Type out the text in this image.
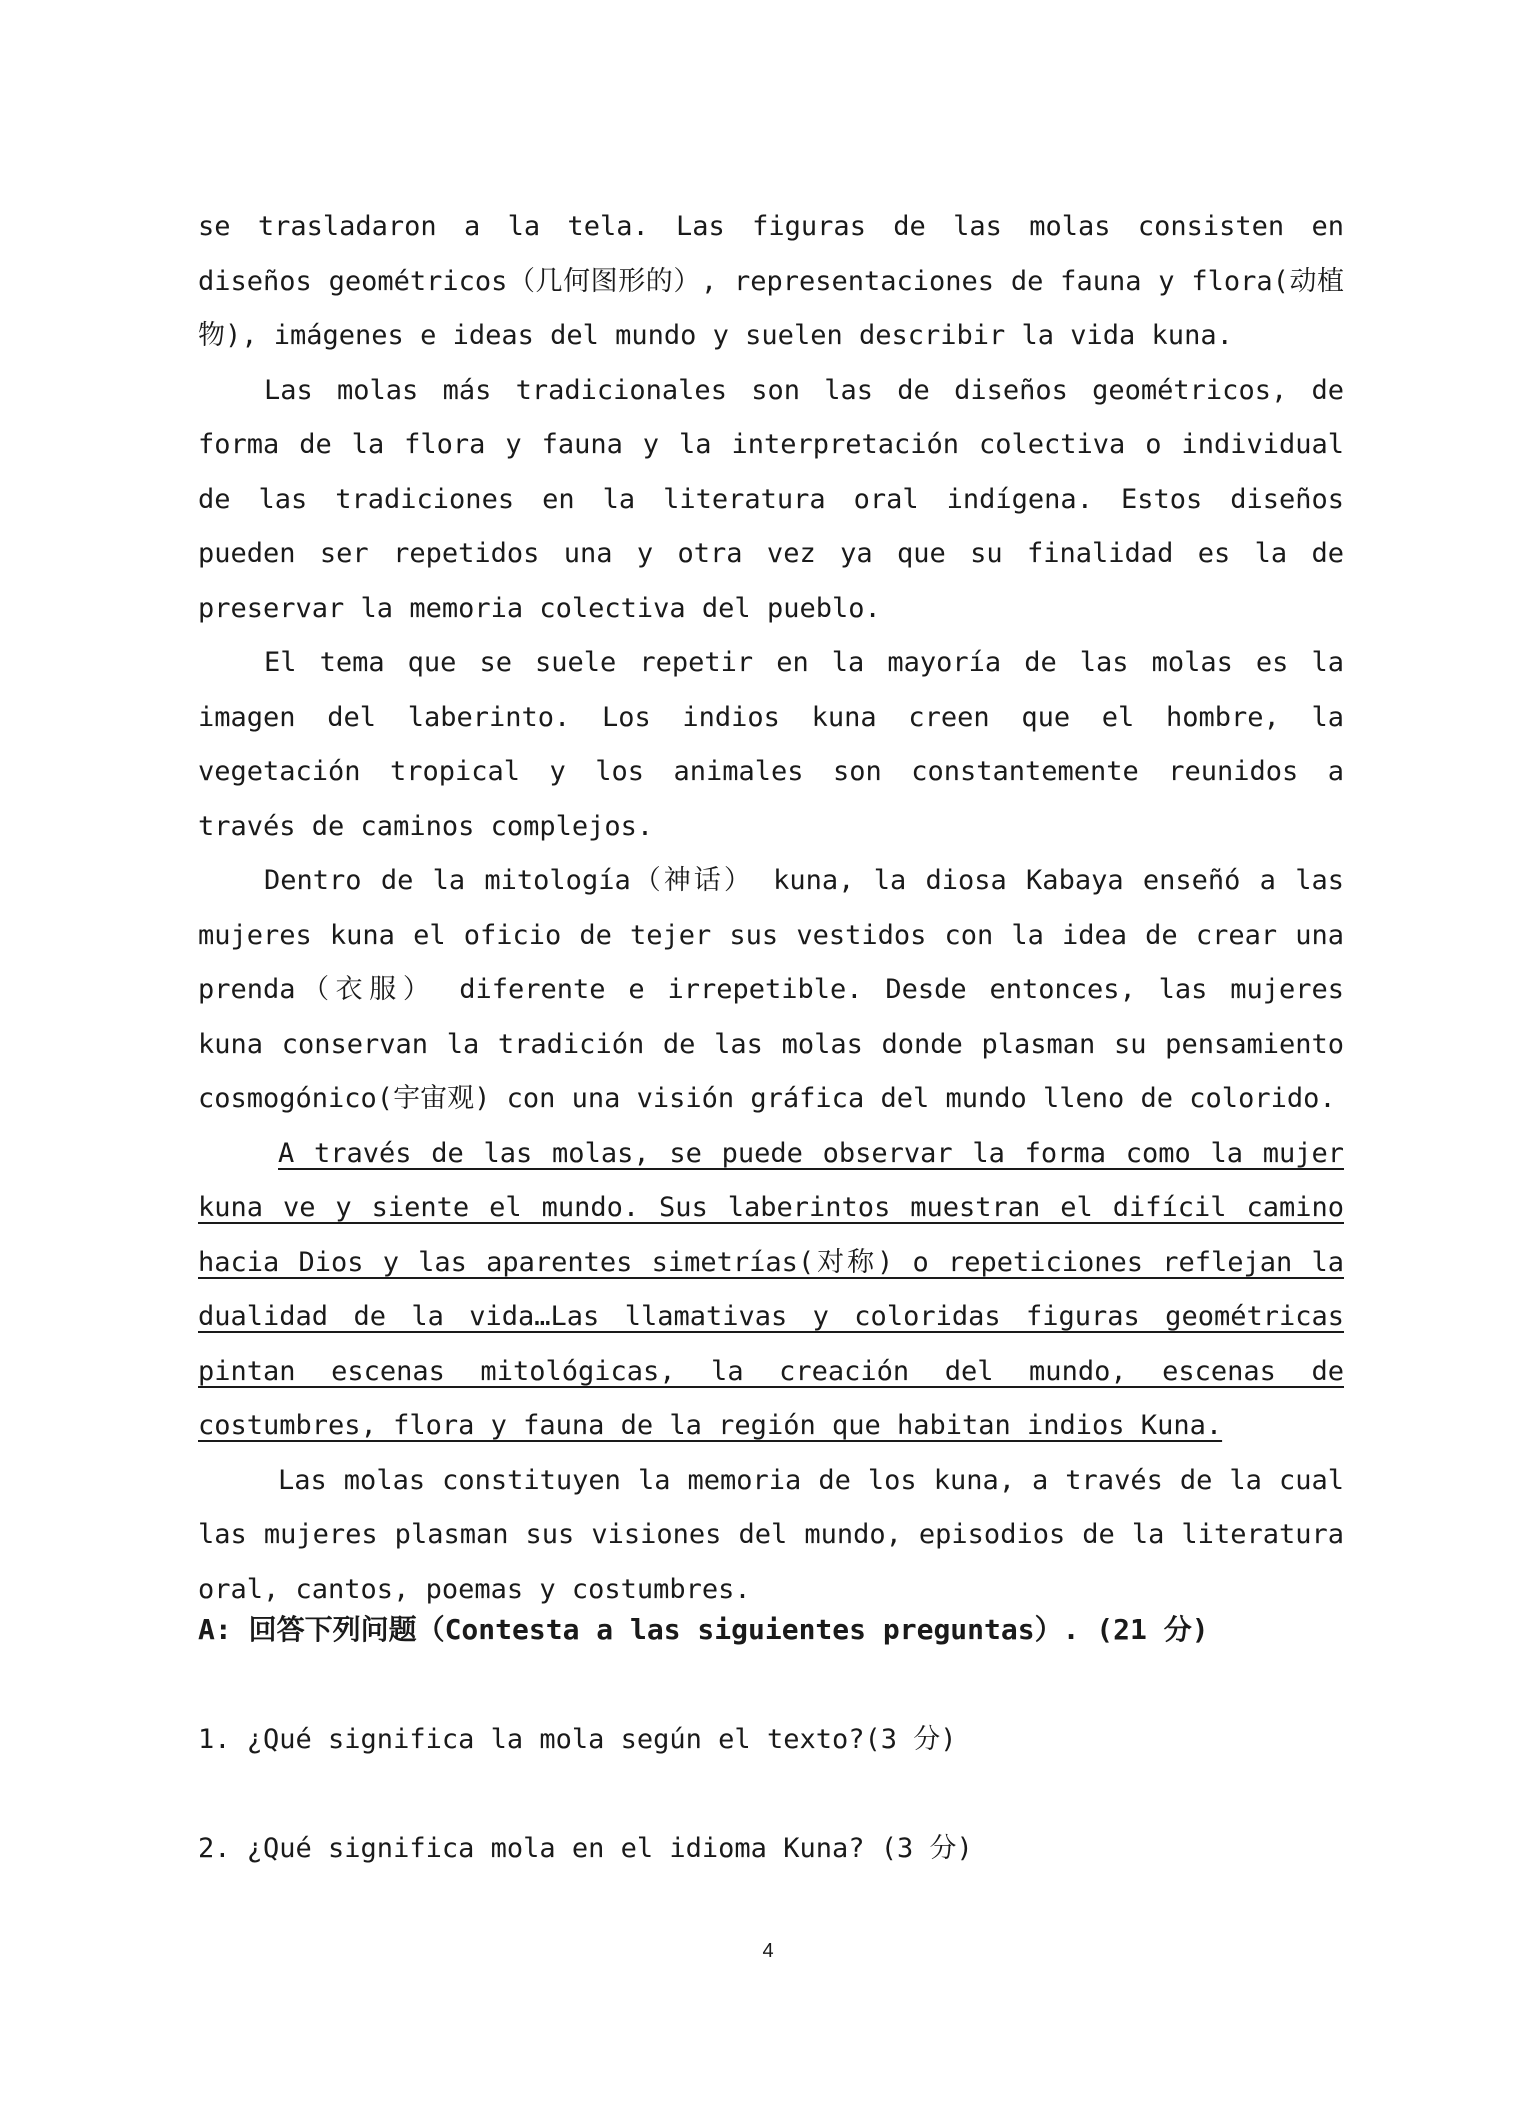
se trasladaron a la tela. Las figuras de las molas consisten en diseños geométricos（几何图形的）, representaciones de fauna y flora(动植物), imágenes e ideas del mundo y suelen describir la vida kuna.

Las molas más tradicionales son las de diseños geométricos, de forma de la flora y fauna y la interpretación colectiva o individual de las tradiciones en la literatura oral indígena. Estos diseños pueden ser repetidos una y otra vez ya que su finalidad es la de preservar la memoria colectiva del pueblo.

El tema que se suele repetir en la mayoría de las molas es la imagen del laberinto. Los indios kuna creen que el hombre, la vegetación tropical y los animales son constantemente reunidos a través de caminos complejos.

Dentro de la mitología（神话） kuna, la diosa Kabaya enseñó a las mujeres kuna el oficio de tejer sus vestidos con la idea de crear una prenda（衣服） diferente e irrepetible. Desde entonces, las mujeres kuna conservan la tradición de las molas donde plasman su pensamiento cosmogónico(宇宙观) con una visión gráfica del mundo lleno de colorido.

A través de las molas, se puede observar la forma como la mujer kuna ve y siente el mundo. Sus laberintos muestran el difícil camino hacia Dios y las aparentes simetrías(对称) o repeticiones reflejan la dualidad de la vida…Las llamativas y coloridas figuras geométricas pintan escenas mitológicas, la creación del mundo, escenas de costumbres, flora y fauna de la región que habitan indios Kuna.

Las molas constituyen la memoria de los kuna, a través de la cual las mujeres plasman sus visiones del mundo, episodios de la literatura oral, cantos, poemas y costumbres.

A: 回答下列问题（Contesta a las siguientes preguntas）. (21 分)

1. ¿Qué significa la mola según el texto?(3 分)

2. ¿Qué significa mola en el idioma Kuna? (3 分)

4
